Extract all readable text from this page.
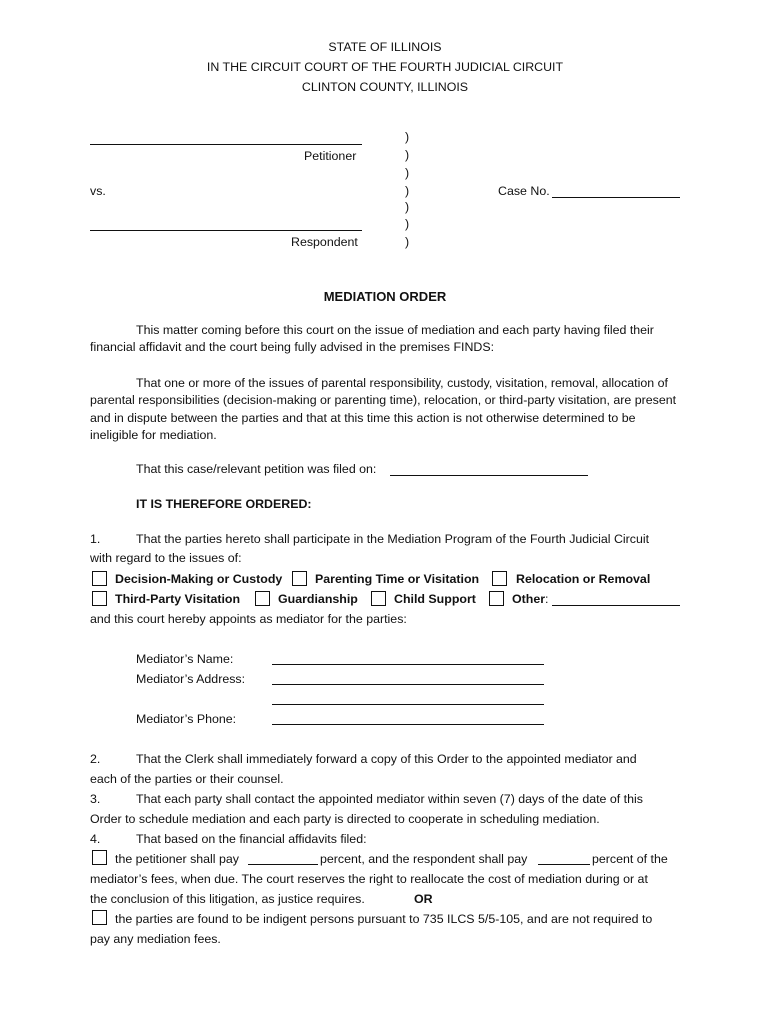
STATE OF ILLINOIS
IN THE CIRCUIT COURT OF THE FOURTH JUDICIAL CIRCUIT
CLINTON COUNTY, ILLINOIS
Petitioner
vs.
Respondent
)
)
)
)
)
)
)
Case No.
MEDIATION ORDER
This matter coming before this court on the issue of mediation and each party having filed their financial affidavit and the court being fully advised in the premises FINDS:
That one or more of the issues of parental responsibility, custody, visitation, removal, allocation of parental responsibilities (decision-making or parenting time), relocation, or third-party visitation, are present and in dispute between the parties and that at this time this action is not otherwise determined to be ineligible for mediation.
That this case/relevant petition was filed on:
IT IS THEREFORE ORDERED:
1.	That the parties hereto shall participate in the Mediation Program of the Fourth Judicial Circuit
with regard to the issues of:
Decision-Making or Custody	Parenting Time or Visitation	Relocation or Removal
Third-Party Visitation	Guardianship	Child Support	Other:
and this court hereby appoints as mediator for the parties:
Mediator’s Name:
Mediator’s Address:
Mediator’s Phone:
2.	That the Clerk shall immediately forward a copy of this Order to the appointed mediator and
each of the parties or their counsel.
3.	That each party shall contact the appointed mediator within seven (7) days of the date of this
Order to schedule mediation and each party is directed to cooperate in scheduling mediation.
4.	That based on the financial affidavits filed:
the petitioner shall pay	percent, and the respondent shall pay	percent of the
mediator’s fees, when due. The court reserves the right to reallocate the cost of mediation during or at
the conclusion of this litigation, as justice requires.	OR
the parties are found to be indigent persons pursuant to 735 ILCS 5/5-105, and are not required to
pay any mediation fees.
